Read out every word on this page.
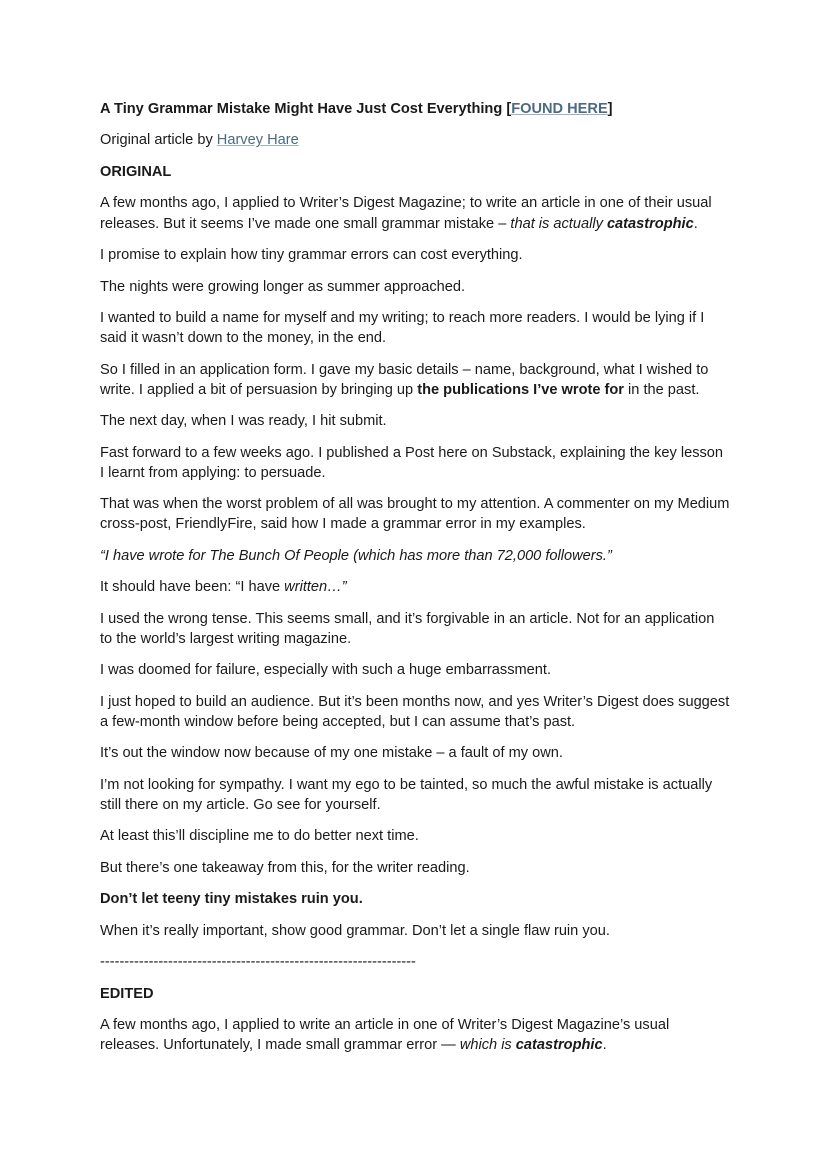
A Tiny Grammar Mistake Might Have Just Cost Everything [FOUND HERE]

Original article by Harvey Hare

ORIGINAL

A few months ago, I applied to Writer’s Digest Magazine; to write an article in one of their usual releases. But it seems I’ve made one small grammar mistake – that is actually catastrophic.

I promise to explain how tiny grammar errors can cost everything.

The nights were growing longer as summer approached.

I wanted to build a name for myself and my writing; to reach more readers. I would be lying if I said it wasn’t down to the money, in the end.

So I filled in an application form. I gave my basic details – name, background, what I wished to write. I applied a bit of persuasion by bringing up the publications I’ve wrote for in the past.

The next day, when I was ready, I hit submit.

Fast forward to a few weeks ago. I published a Post here on Substack, explaining the key lesson I learnt from applying: to persuade.

That was when the worst problem of all was brought to my attention. A commenter on my Medium cross-post, FriendlyFire, said how I made a grammar error in my examples.

“I have wrote for The Bunch Of People (which has more than 72,000 followers.”

It should have been: “I have written…”

I used the wrong tense. This seems small, and it’s forgivable in an article. Not for an application to the world’s largest writing magazine.

I was doomed for failure, especially with such a huge embarrassment.

I just hoped to build an audience. But it’s been months now, and yes Writer’s Digest does suggest a few-month window before being accepted, but I can assume that’s past.

It’s out the window now because of my one mistake – a fault of my own.

I’m not looking for sympathy. I want my ego to be tainted, so much the awful mistake is actually still there on my article. Go see for yourself.

At least this’ll discipline me to do better next time.

But there’s one takeaway from this, for the writer reading.

Don’t let teeny tiny mistakes ruin you.

When it’s really important, show good grammar. Don’t let a single flaw ruin you.

-----------------------------------------------------------------

EDITED

A few months ago, I applied to write an article in one of Writer’s Digest Magazine’s usual releases. Unfortunately, I made small grammar error — which is catastrophic.
